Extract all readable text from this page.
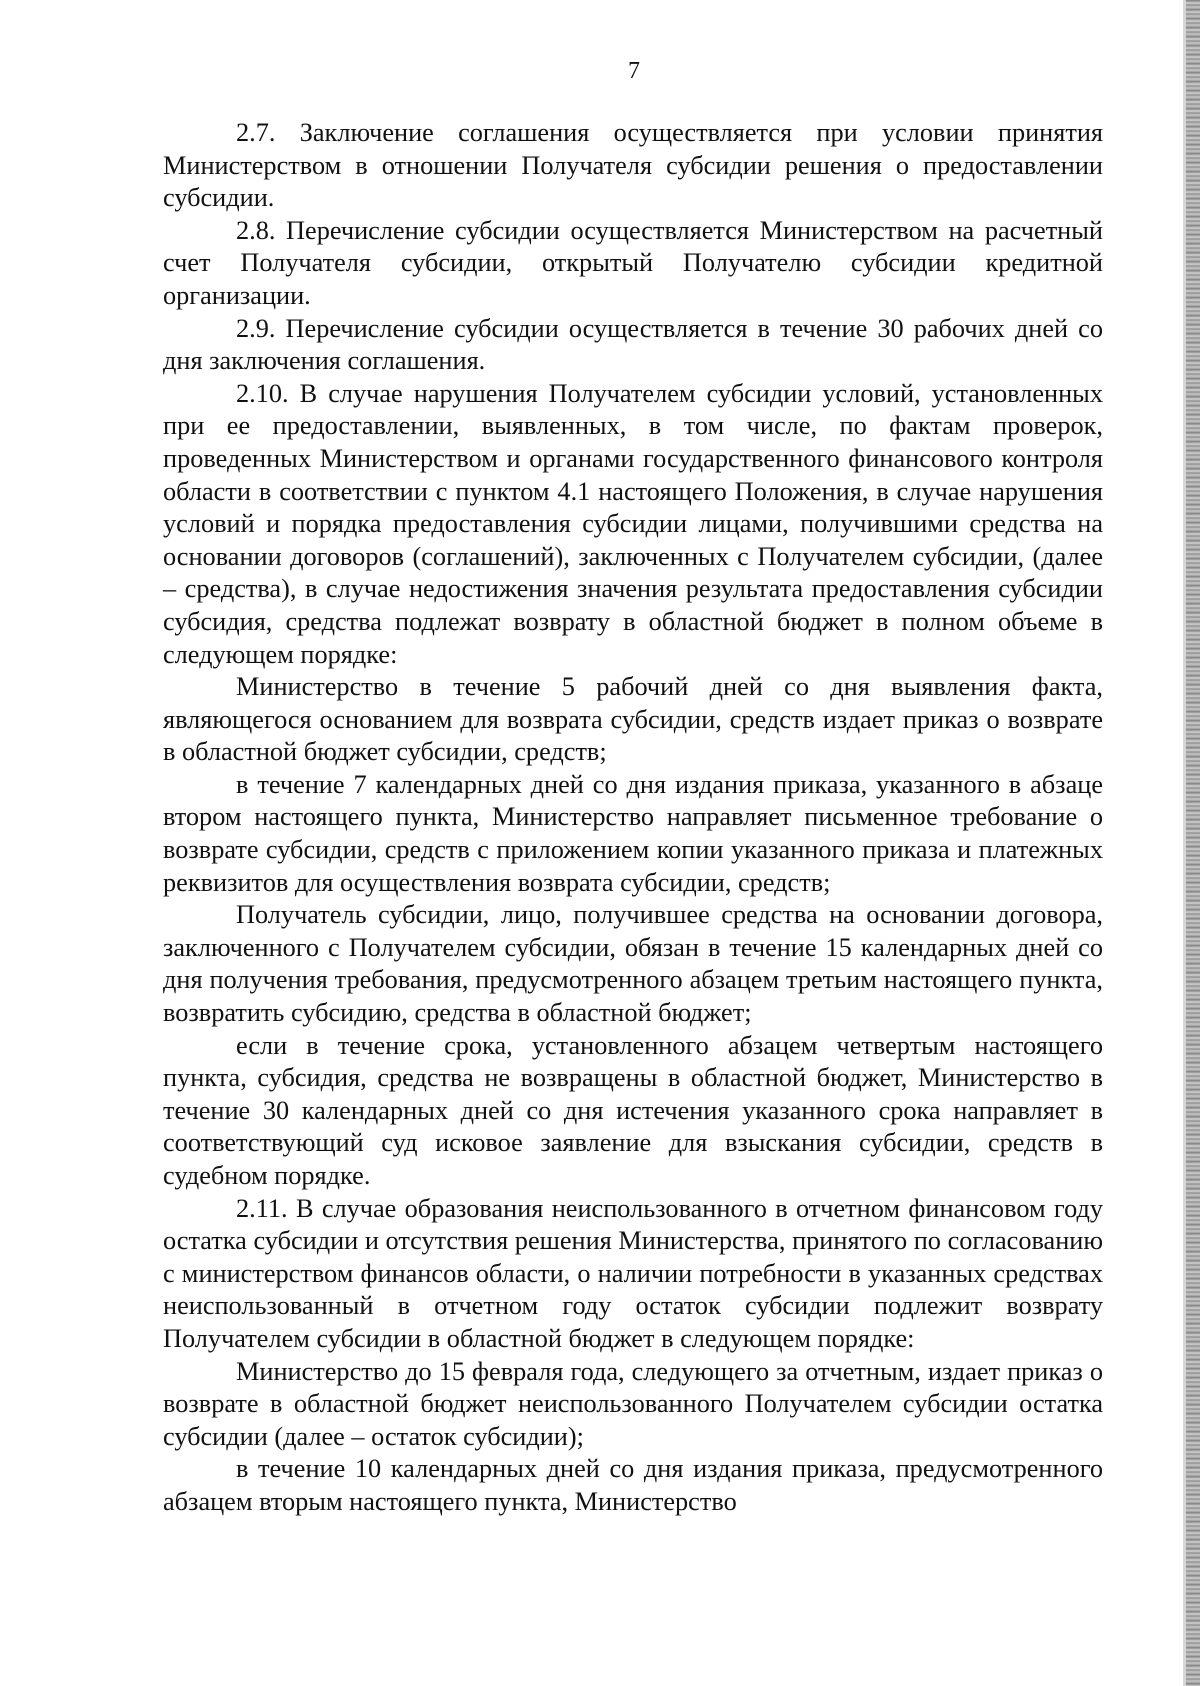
7

2.7. Заключение соглашения осуществляется при условии принятия Министерством в отношении Получателя субсидии решения о предоставлении субсидии.

2.8. Перечисление субсидии осуществляется Министерством на расчетный счет Получателя субсидии, открытый Получателю субсидии кредитной организации.

2.9. Перечисление субсидии осуществляется в течение 30 рабочих дней со дня заключения соглашения.

2.10. В случае нарушения Получателем субсидии условий, установленных при ее предоставлении, выявленных, в том числе, по фактам проверок, проведенных Министерством и органами государственного финансового контроля области в соответствии с пунктом 4.1 настоящего Положения, в случае нарушения условий и порядка предоставления субсидии лицами, получившими средства на основании договоров (соглашений), заключенных с Получателем субсидии, (далее – средства), в случае недостижения значения результата предоставления субсидии субсидия, средства подлежат возврату в областной бюджет в полном объеме в следующем порядке:

Министерство в течение 5 рабочий дней со дня выявления факта, являющегося основанием для возврата субсидии, средств издает приказ о возврате в областной бюджет субсидии, средств;

в течение 7 календарных дней со дня издания приказа, указанного в абзаце втором настоящего пункта, Министерство направляет письменное требование о возврате субсидии, средств с приложением копии указанного приказа и платежных реквизитов для осуществления возврата субсидии, средств;

Получатель субсидии, лицо, получившее средства на основании договора, заключенного с Получателем субсидии, обязан в течение 15 календарных дней со дня получения требования, предусмотренного абзацем третьим настоящего пункта, возвратить субсидию, средства в областной бюджет;

если в течение срока, установленного абзацем четвертым настоящего пункта, субсидия, средства не возвращены в областной бюджет, Министерство в течение 30 календарных дней со дня истечения указанного срока направляет в соответствующий суд исковое заявление для взыскания субсидии, средств в судебном порядке.

2.11. В случае образования неиспользованного в отчетном финансовом году остатка субсидии и отсутствия решения Министерства, принятого по согласованию с министерством финансов области, о наличии потребности в указанных средствах неиспользованный в отчетном году остаток субсидии подлежит возврату Получателем субсидии в областной бюджет в следующем порядке:

Министерство до 15 февраля года, следующего за отчетным, издает приказ о возврате в областной бюджет неиспользованного Получателем субсидии остатка субсидии (далее – остаток субсидии);

в течение 10 календарных дней со дня издания приказа, предусмотренного абзацем вторым настоящего пункта, Министерство
